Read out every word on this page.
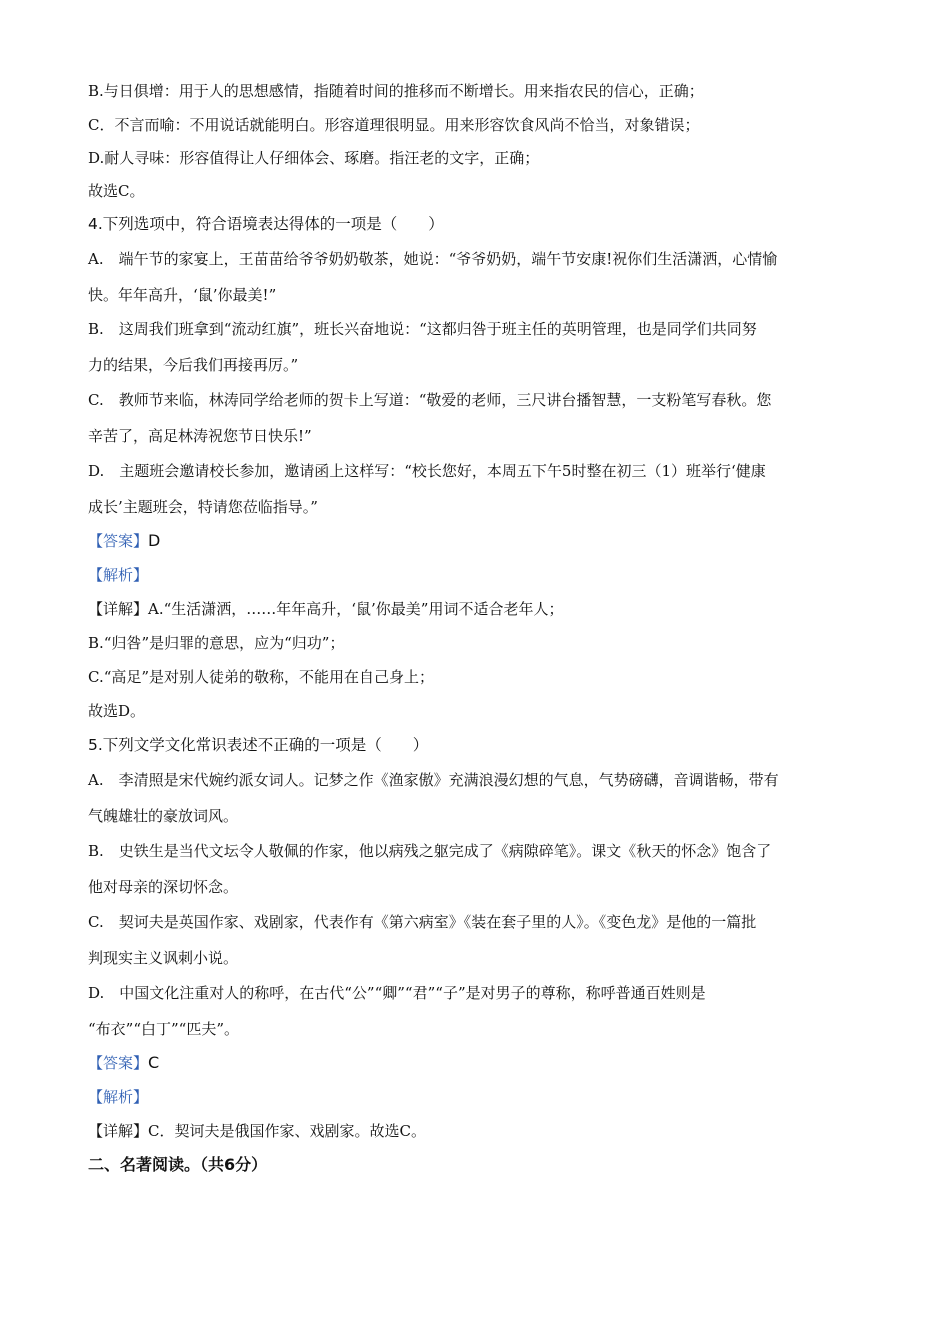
B.与日俱增：用于人的思想感情，指随着时间的推移而不断增长。用来指农民的信心，正确；
C．不言而喻：不用说话就能明白。形容道理很明显。用来形容饮食风尚不恰当，对象错误；
D.耐人寻味：形容值得让人仔细体会、琢磨。指汪老的文字，正确；
故选C。
4.下列选项中，符合语境表达得体的一项是（　　）
A.　端午节的家宴上，王苗苗给爷爷奶奶敬茶，她说：“爷爷奶奶，端午节安康!祝你们生活潇洒，心情愉
快。年年高升，‘鼠’你最美!”
B.　这周我们班拿到“流动红旗”，班长兴奋地说：“这都归咎于班主任的英明管理，也是同学们共同努
力的结果，今后我们再接再厉。”
C.　教师节来临，林涛同学给老师的贺卡上写道：“敬爱的老师，三尺讲台播智慧，一支粉笔写春秋。您
辛苦了，高足林涛祝您节日快乐!”
D.　主题班会邀请校长参加，邀请函上这样写：“校长您好，本周五下午5时整在初三（1）班举行‘健康
成长’主题班会，特请您莅临指导。”
【答案】D
【解析】
【详解】A.“生活潇洒，……年年高升，‘鼠’你最美”用词不适合老年人；
B.“归咎”是归罪的意思，应为“归功”；
C.“高足”是对别人徒弟的敬称，不能用在自己身上；
故选D。
5.下列文学文化常识表述不正确的一项是（　　）
A.　李清照是宋代婉约派女词人。记梦之作《渔家傲》充满浪漫幻想的气息，气势磅礴，音调谐畅，带有
气魄雄壮的豪放词风。
B.　史铁生是当代文坛令人敬佩的作家，他以病残之躯完成了《病隙碎笔》。课文《秋天的怀念》饱含了
他对母亲的深切怀念。
C.　契诃夫是英国作家、戏剧家，代表作有《第六病室》《装在套子里的人》。《变色龙》是他的一篇批
判现实主义讽刺小说。
D.　中国文化注重对人的称呼，在古代“公”“卿”“君”“子”是对男子的尊称，称呼普通百姓则是
“布衣”“白丁”“匹夫”。
【答案】C
【解析】
【详解】C．契诃夫是俄国作家、戏剧家。故选C。
二、名著阅读。（共6分）
